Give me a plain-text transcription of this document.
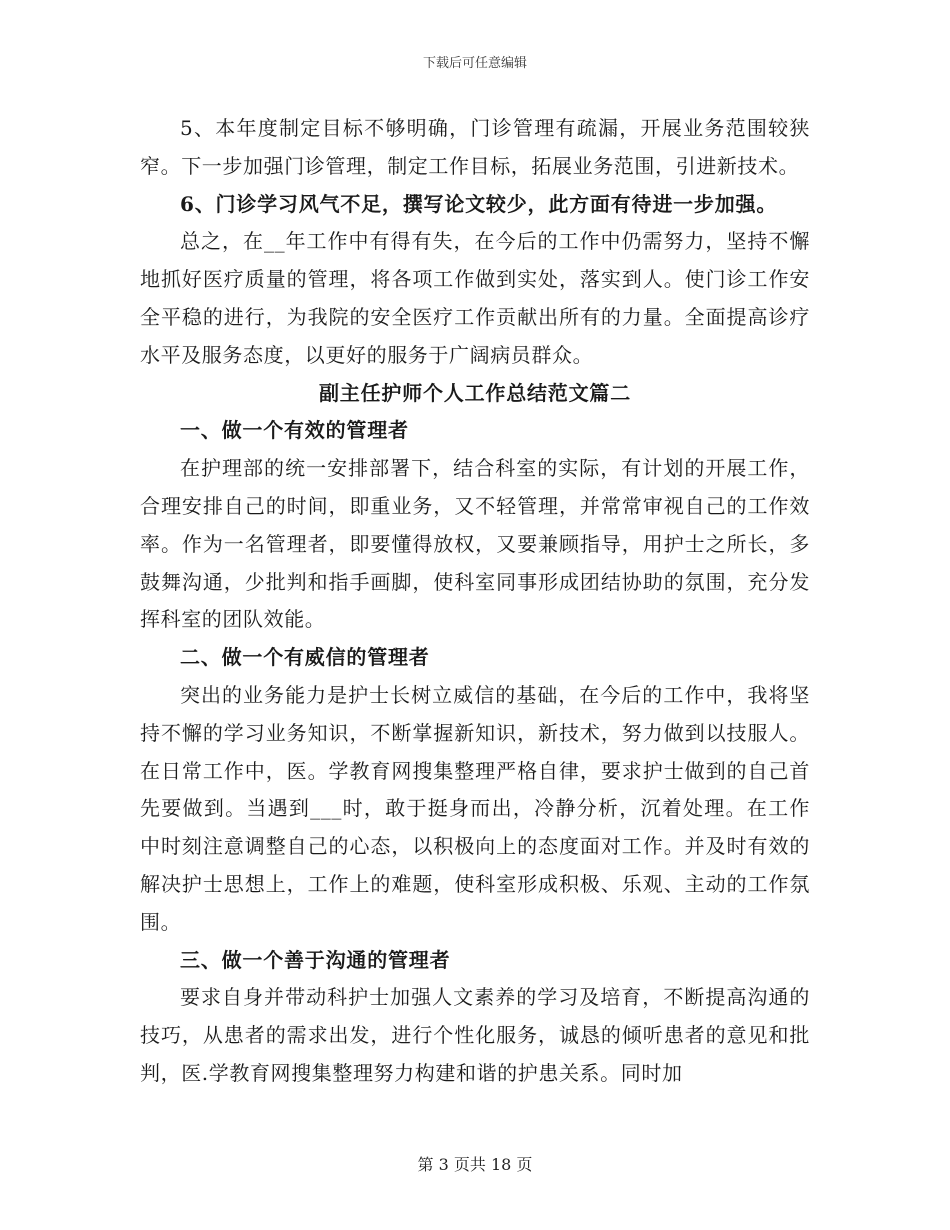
下载后可任意编辑

5、本年度制定目标不够明确，门诊管理有疏漏，开展业务范围较狭窄。下一步加强门诊管理，制定工作目标，拓展业务范围，引进新技术。

6、门诊学习风气不足，撰写论文较少，此方面有待进一步加强。

总之，在__年工作中有得有失，在今后的工作中仍需努力，坚持不懈地抓好医疗质量的管理，将各项工作做到实处，落实到人。使门诊工作安全平稳的进行，为我院的安全医疗工作贡献出所有的力量。全面提高诊疗水平及服务态度，以更好的服务于广阔病员群众。

副主任护师个人工作总结范文篇二

一、做一个有效的管理者

在护理部的统一安排部署下，结合科室的实际，有计划的开展工作，合理安排自己的时间，即重业务，又不轻管理，并常常审视自己的工作效率。作为一名管理者，即要懂得放权，又要兼顾指导，用护士之所长，多鼓舞沟通，少批判和指手画脚，使科室同事形成团结协助的氛围，充分发挥科室的团队效能。

二、做一个有威信的管理者

突出的业务能力是护士长树立威信的基础，在今后的工作中，我将坚持不懈的学习业务知识，不断掌握新知识，新技术，努力做到以技服人。在日常工作中，医。学教育网搜集整理严格自律，要求护士做到的自己首先要做到。当遇到___时，敢于挺身而出，冷静分析，沉着处理。在工作中时刻注意调整自己的心态，以积极向上的态度面对工作。并及时有效的解决护士思想上，工作上的难题，使科室形成积极、乐观、主动的工作氛围。

三、做一个善于沟通的管理者

要求自身并带动科护士加强人文素养的学习及培育，不断提高沟通的技巧，从患者的需求出发，进行个性化服务，诚恳的倾听患者的意见和批判，医.学教育网搜集整理努力构建和谐的护患关系。同时加

第 3 页共 18 页
